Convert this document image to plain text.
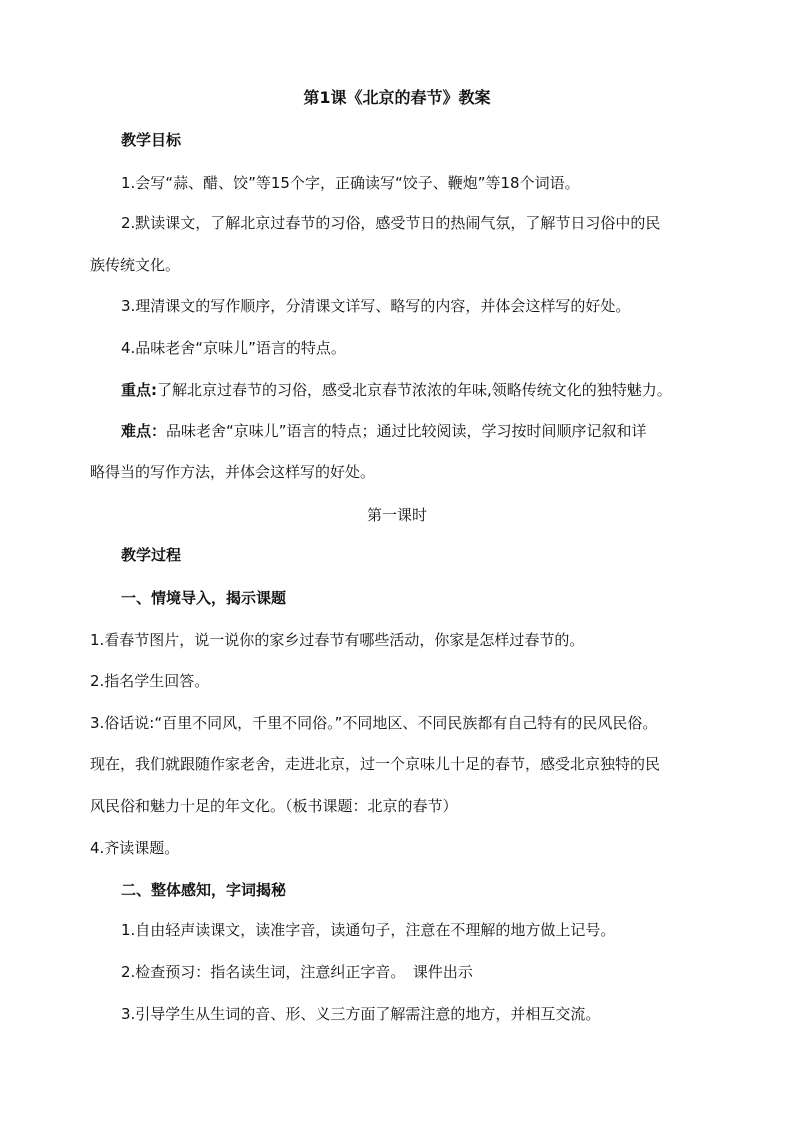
第1课《北京的春节》教案
教学目标
1.会写“蒜、醋、饺”等15个字，正确读写“饺子、鞭炮”等18个词语。
2.默读课文，了解北京过春节的习俗，感受节日的热闹气氛，了解节日习俗中的民
族传统文化。
3.理清课文的写作顺序，分清课文详写、略写的内容，并体会这样写的好处。
4.品味老舍“京味儿”语言的特点。
重点:了解北京过春节的习俗，感受北京春节浓浓的年味,领略传统文化的独特魅力。
难点：品味老舍“京味儿”语言的特点；通过比较阅读，学习按时间顺序记叙和详
略得当的写作方法，并体会这样写的好处。
第一课时
教学过程
一、情境导入，揭示课题
1.看春节图片，说一说你的家乡过春节有哪些活动，你家是怎样过春节的。
2.指名学生回答。
3.俗话说:“百里不同风，千里不同俗。”不同地区、不同民族都有自己特有的民风民俗。
现在，我们就跟随作家老舍，走进北京，过一个京味儿十足的春节，感受北京独特的民
风民俗和魅力十足的年文化。（板书课题：北京的春节）
4.齐读课题。
二、整体感知，字词揭秘
1.自由轻声读课文，读准字音，读通句子，注意在不理解的地方做上记号。
2.检查预习：指名读生词，注意纠正字音。　课件出示
3.引导学生从生词的音、形、义三方面了解需注意的地方，并相互交流。
